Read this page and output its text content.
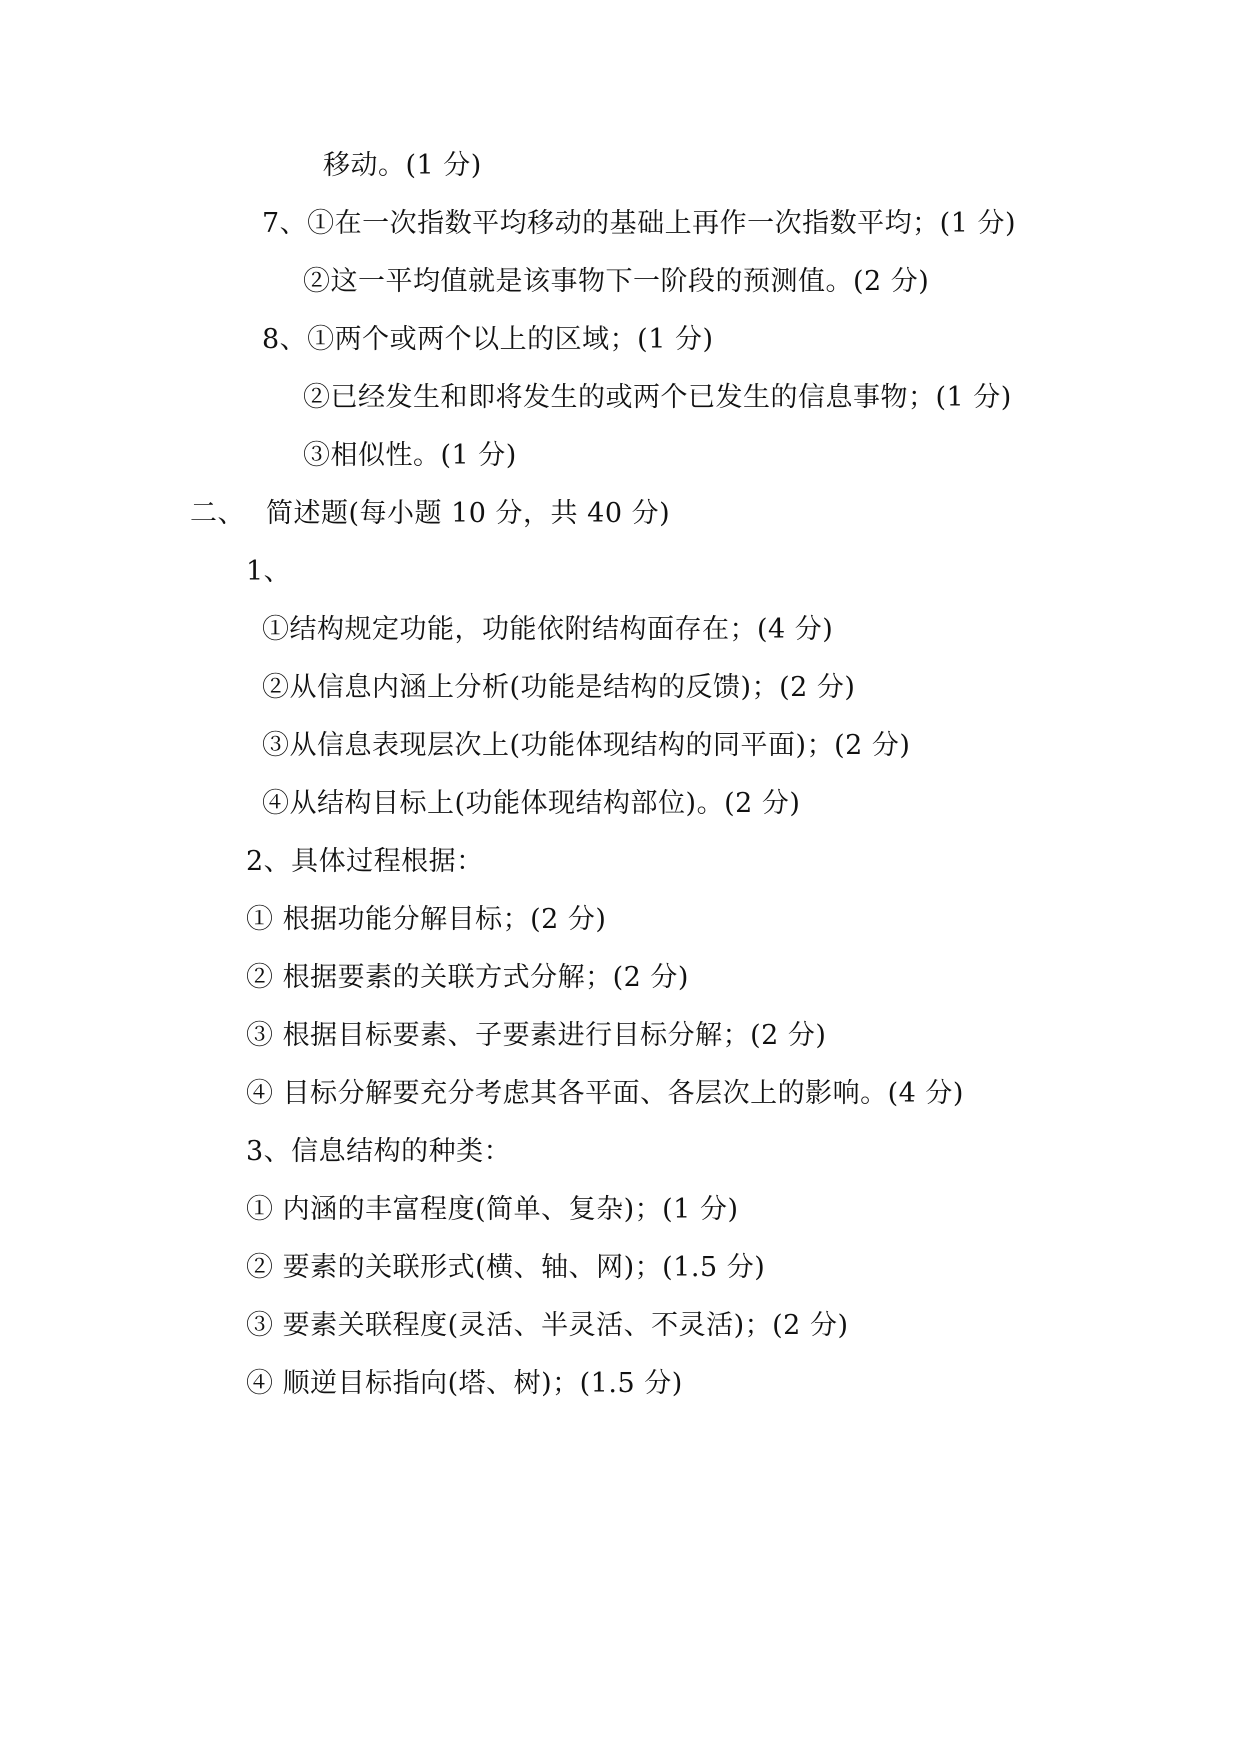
移动。(1 分)
7、①在一次指数平均移动的基础上再作一次指数平均；(1 分)
②这一平均值就是该事物下一阶段的预测值。(2 分)
8、①两个或两个以上的区域；(1 分)
②已经发生和即将发生的或两个已发生的信息事物；(1 分)
③相似性。(1 分)
二、 简述题(每小题 10 分，共 40 分)
1、
①结构规定功能，功能依附结构面存在；(4 分)
②从信息内涵上分析(功能是结构的反馈)；(2 分)
③从信息表现层次上(功能体现结构的同平面)；(2 分)
④从结构目标上(功能体现结构部位)。(2 分)
2、具体过程根据：
① 根据功能分解目标；(2 分)
② 根据要素的关联方式分解；(2 分)
③ 根据目标要素、子要素进行目标分解；(2 分)
④ 目标分解要充分考虑其各平面、各层次上的影响。(4 分)
3、信息结构的种类：
① 内涵的丰富程度(简单、复杂)；(1 分)
② 要素的关联形式(横、轴、网)；(1.5 分)
③ 要素关联程度(灵活、半灵活、不灵活)；(2 分)
④ 顺逆目标指向(塔、树)；(1.5 分)
